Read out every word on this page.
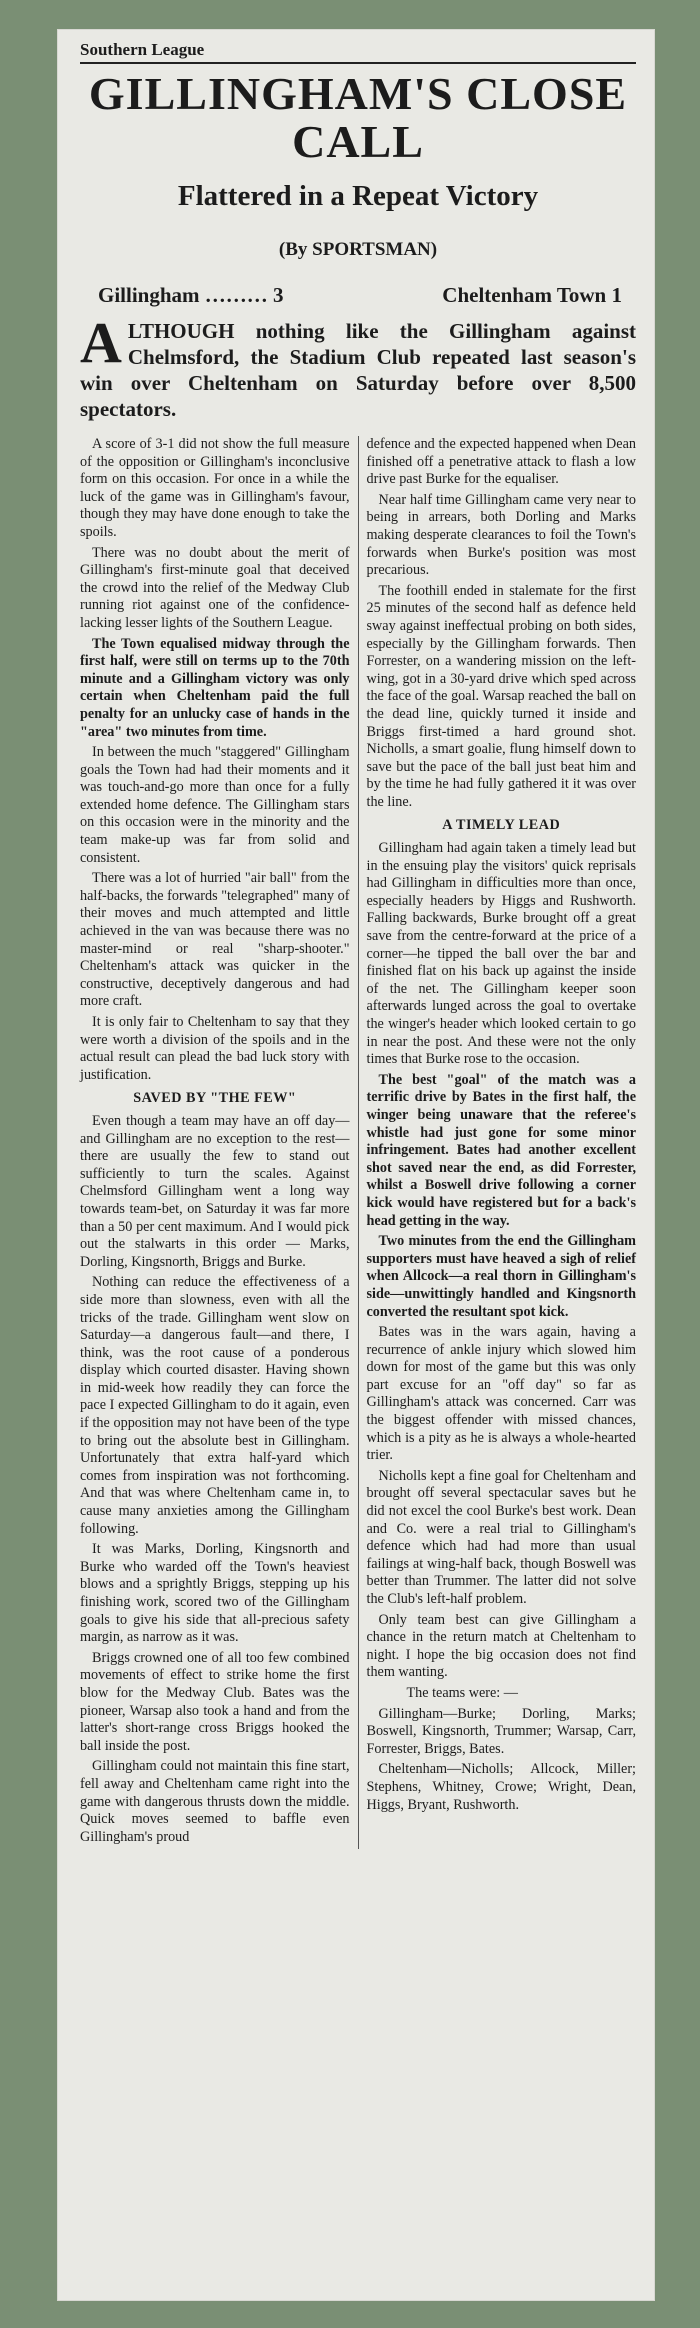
Southern League
GILLINGHAM'S CLOSE CALL
Flattered in a Repeat Victory
(By SPORTSMAN)
Gillingham ……… 3	Cheltenham Town 1
ALTHOUGH nothing like the Gillingham against Chelmsford, the Stadium Club repeated last season's win over Cheltenham on Saturday before over 8,500 spectators.

A score of 3-1 did not show the full measure of the opposition or Gillingham's inconclusive form on this occasion. For once in a while the luck of the game was in Gillingham's favour, though they may have done enough to take the spoils.

There was no doubt about the merit of Gillingham's first-minute goal that deceived the crowd into the relief of the Medway Club running riot against one of the confidence-lacking lesser lights of the Southern League.

The Town equalised midway through the first half, were still on terms up to the 70th minute and a Gillingham victory was only certain when Cheltenham paid the full penalty for an unlucky case of hands in the "area" two minutes from time.

In between the much "staggered" Gillingham goals the Town had had their moments and it was touch-and-go more than once for a fully extended home defence. The Gillingham stars on this occasion were in the minority and the team make-up was far from solid and consistent.

There was a lot of hurried "air ball" from the half-backs, the forwards "telegraphed" many of their moves and much attempted and little achieved in the van was because there was no master-mind or real "sharp-shooter." Cheltenham's attack was quicker in the constructive, deceptively dangerous and had more craft.

It is only fair to Cheltenham to say that they were worth a division of the spoils and in the actual result can plead the bad luck story with justification.

SAVED BY "THE FEW"

Even though a team may have an off day—and Gillingham are no exception to the rest—there are usually the few to stand out sufficiently to turn the scales. Against Chelmsford Gillingham went a long way towards team-bet, on Saturday it was far more than a 50 per cent maximum. And I would pick out the stalwarts in this order — Marks, Dorling, Kingsnorth, Briggs and Burke.

Nothing can reduce the effectiveness of a side more than slowness, even with all the tricks of the trade. Gillingham went slow on Saturday—a dangerous fault—and there, I think, was the root cause of a ponderous display which courted disaster. Having shown in mid-week how readily they can force the pace I expected Gillingham to do it again, even if the opposition may not have been of the type to bring out the absolute best in Gillingham. Unfortunately that extra half-yard which comes from inspiration was not forthcoming. And that was where Cheltenham came in, to cause many anxieties among the Gillingham following.

It was Marks, Dorling, Kingsnorth and Burke who warded off the Town's heaviest blows and a sprightly Briggs, stepping up his finishing work, scored two of the Gillingham goals to give his side that all-precious safety margin, as narrow as it was.

Briggs crowned one of all too few combined movements of effect to strike home the first blow for the Medway Club. Bates was the pioneer, Warsap also took a hand and from the latter's short-range cross Briggs hooked the ball inside the post.

Gillingham could not maintain this fine start, fell away and Cheltenham came right into the game with dangerous thrusts down the middle. Quick moves seemed to baffle even Gillingham's proud

defence and the expected happened when Dean finished off a penetrative attack to flash a low drive past Burke for the equaliser.

Near half time Gillingham came very near to being in arrears, both Dorling and Marks making desperate clearances to foil the Town's forwards when Burke's position was most precarious.

The foothill ended in stalemate for the first 25 minutes of the second half as defence held sway against ineffectual probing on both sides, especially by the Gillingham forwards. Then Forrester, on a wandering mission on the left-wing, got in a 30-yard drive which sped across the face of the goal. Warsap reached the ball on the dead line, quickly turned it inside and Briggs first-timed a hard ground shot. Nicholls, a smart goalie, flung himself down to save but the pace of the ball just beat him and by the time he had fully gathered it it was over the line.

A TIMELY LEAD

Gillingham had again taken a timely lead but in the ensuing play the visitors' quick reprisals had Gillingham in difficulties more than once, especially headers by Higgs and Rushworth. Falling backwards, Burke brought off a great save from the centre-forward at the price of a corner—he tipped the ball over the bar and finished flat on his back up against the inside of the net. The Gillingham keeper soon afterwards lunged across the goal to overtake the winger's header which looked certain to go in near the post. And these were not the only times that Burke rose to the occasion.

The best "goal" of the match was a terrific drive by Bates in the first half, the winger being unaware that the referee's whistle had just gone for some minor infringement. Bates had another excellent shot saved near the end, as did Forrester, whilst a Boswell drive following a corner kick would have registered but for a back's head getting in the way.

Two minutes from the end the Gillingham supporters must have heaved a sigh of relief when Allcock—a real thorn in Gillingham's side—unwittingly handled and Kingsnorth converted the resultant spot kick.

Bates was in the wars again, having a recurrence of ankle injury which slowed him down for most of the game but this was only part excuse for an "off day" so far as Gillingham's attack was concerned. Carr was the biggest offender with missed chances, which is a pity as he is always a whole-hearted trier.

Nicholls kept a fine goal for Cheltenham and brought off several spectacular saves but he did not excel the cool Burke's best work. Dean and Co. were a real trial to Gillingham's defence which had had more than usual failings at wing-half back, though Boswell was better than Trummer. The latter did not solve the Club's left-half problem.

Only team best can give Gillingham a chance in the return match at Cheltenham to night. I hope the big occasion does not find them wanting.

The teams were: —

Gillingham—Burke; Dorling, Marks; Boswell, Kingsnorth, Trummer; Warsap, Carr, Forrester, Briggs, Bates.

Cheltenham—Nicholls; Allcock, Miller; Stephens, Whitney, Crowe; Wright, Dean, Higgs, Bryant, Rushworth.
